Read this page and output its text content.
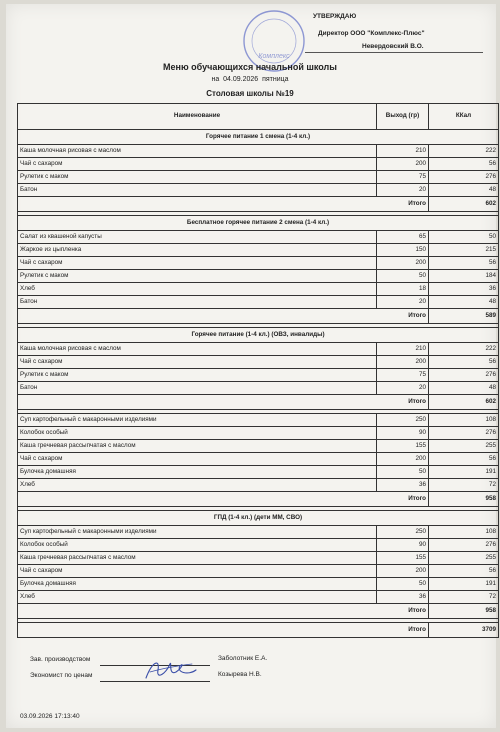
Комплекс
УТВЕРЖДАЮ
Директор ООО "Комплекс-Плюс"
Невердовский В.О.
Меню обучающихся начальной школы
на 04.09.2026 пятница
Столовая школы №19
Наименование	Выход (гр)	ККал
Горячее питание 1 смена (1-4 кл.)		
Каша молочная рисовая с маслом	210	222
Чай с сахаром	200	56
Рулетик с маком	75	276
Батон	20	48
Итого		602

Бесплатное горячее питание 2 смена (1-4 кл.)		
Салат из квашеной капусты	65	50
Жаркое из цыпленка	150	215
Чай с сахаром	200	56
Рулетик с маком	50	184
Хлеб	18	36
Батон	20	48
Итого		589

Горячее питание (1-4 кл.) (ОВЗ, инвалиды)		
Каша молочная рисовая с маслом	210	222
Чай с сахаром	200	56
Рулетик с маком	75	276
Батон	20	48
Итого		602

Суп картофельный с макаронными изделиями	250	108
Колобок особый	90	276
Каша гречневая рассыпчатая с маслом	155	255
Чай с сахаром	200	56
Булочка домашняя	50	191
Хлеб	36	72
Итого		958

ГПД (1-4 кл.) (дети ММ, СВО)		
Суп картофельный с макаронными изделиями	250	108
Колобок особый	90	276
Каша гречневая рассыпчатая с маслом	155	255
Чай с сахаром	200	56
Булочка домашняя	50	191
Хлеб	36	72
Итого		958

Итого		3709
Зав. производством	Заболотник Е.А.
Экономист по ценам	Козырева Н.В.
03.09.2026 17:13:40
